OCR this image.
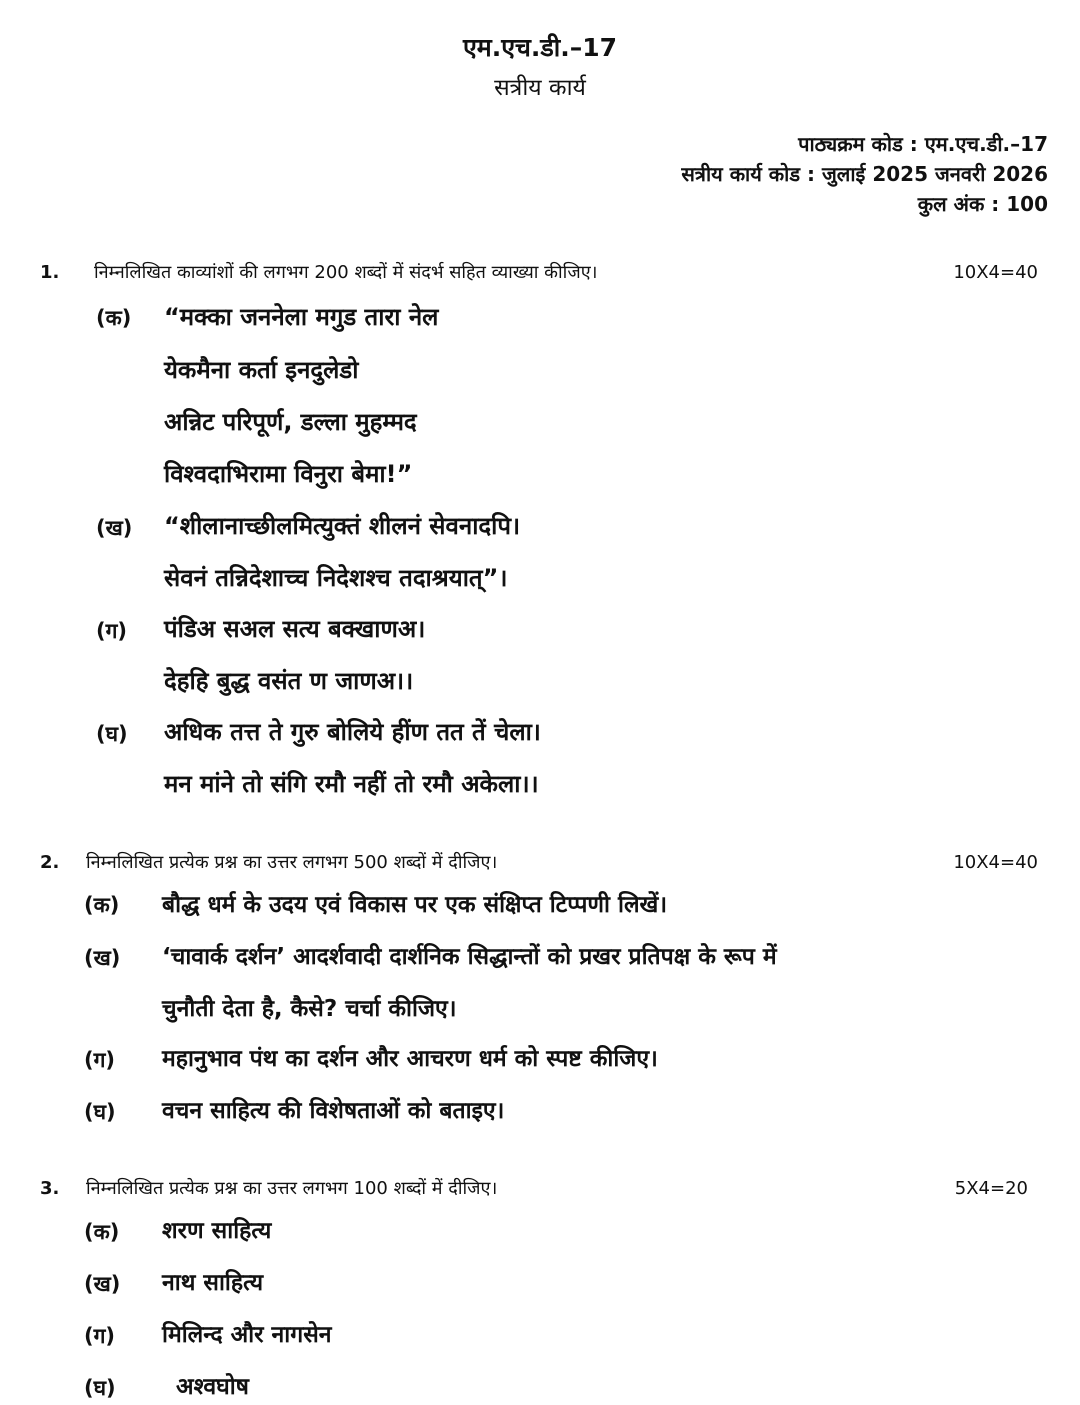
एम.एच.डी.–17
सत्रीय कार्य
पाठ्यक्रम कोड : एम.एच.डी.–17
सत्रीय कार्य कोड : जुलाई 2025 जनवरी 2026
कुल अंक : 100
1. निम्नलिखित काव्यांशों की लगभग 200 शब्दों में संदर्भ सहित व्याख्या कीजिए।	10X4=40
(क) “मक्का जननेला मगुड तारा नेल
येकमैना कर्ता इनदुलेडो
अन्निट परिपूर्ण, डल्ला मुहम्मद
विश्वदाभिरामा विनुरा बेमा!”
(ख) “शीलानाच्छीलमित्युक्तं शीलनं सेवनादपि।
सेवनं तन्निदेशाच्च निदेशश्च तदाश्रयात्”।
(ग) पंडिअ सअल सत्य बक्खाणअ।
देहहि बुद्ध वसंत ण जाणअ।।
(घ) अधिक तत्त ते गुरु बोलिये हींण तत तें चेला।
मन मांने तो संगि रमौ नहीं तो रमौ अकेला।।
2. निम्नलिखित प्रत्येक प्रश्न का उत्तर लगभग 500 शब्दों में दीजिए।	10X4=40
(क) बौद्ध धर्म के उदय एवं विकास पर एक संक्षिप्त टिप्पणी लिखें।
(ख) ‘चावार्क दर्शन’ आदर्शवादी दार्शनिक सिद्धान्तों को प्रखर प्रतिपक्ष के रूप में
चुनौती देता है, कैसे? चर्चा कीजिए।
(ग) महानुभाव पंथ का दर्शन और आचरण धर्म को स्पष्ट कीजिए।
(घ) वचन साहित्य की विशेषताओं को बताइए।
3. निम्नलिखित प्रत्येक प्रश्न का उत्तर लगभग 100 शब्दों में दीजिए।	5X4=20
(क) शरण साहित्य
(ख) नाथ साहित्य
(ग) मिलिन्द और नागसेन
(घ)	अश्वघोष
